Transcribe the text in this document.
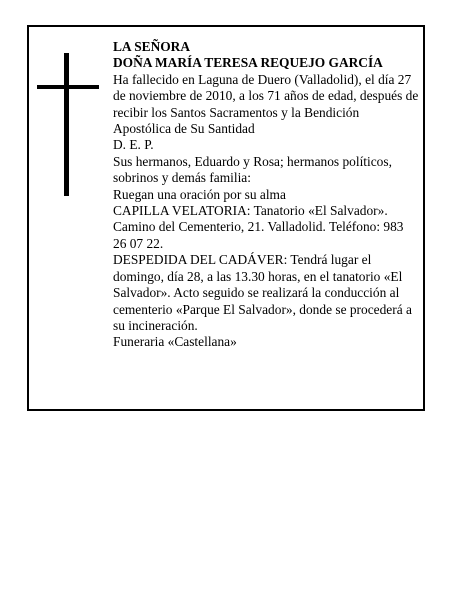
LA SEÑORA

DOÑA MARÍA TERESA REQUEJO GARCÍA

Ha fallecido en Laguna de Duero (Valladolid), el día 27 de noviembre de 2010, a los 71 años de edad, después de recibir los Santos Sacramentos y la Bendición Apostólica de Su Santidad

D. E. P.

Sus hermanos, Eduardo y Rosa; hermanos políticos, sobrinos y demás familia:

Ruegan una oración por su alma

CAPILLA VELATORIA: Tanatorio «El Salvador». Camino del Cementerio, 21. Valladolid. Teléfono: 983 26 07 22.

DESPEDIDA DEL CADÁVER: Tendrá lugar el domingo, día 28, a las 13.30 horas, en el tanatorio «El Salvador». Acto seguido se realizará la conducción al cementerio «Parque El Salvador», donde se procederá a su incineración.

Funeraria «Castellana»
